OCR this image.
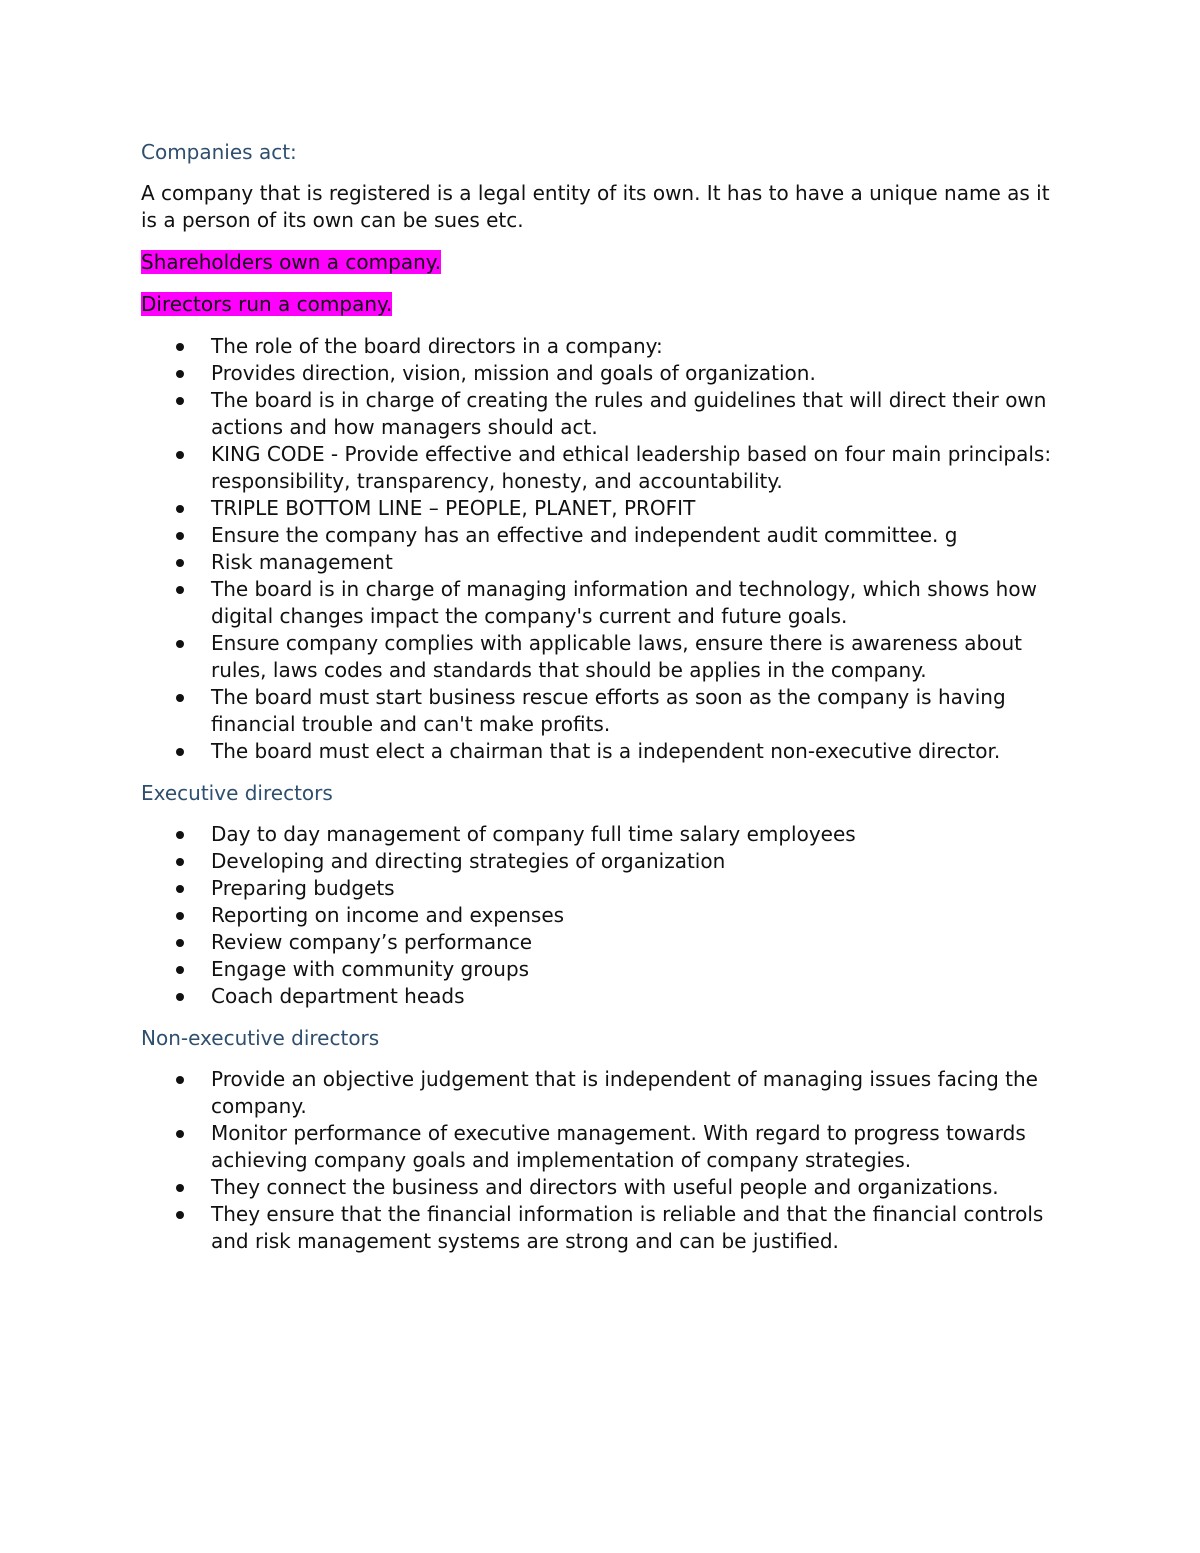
Companies act:

A company that is registered is a legal entity of its own. It has to have a unique name as it is a person of its own can be sues etc.

Shareholders own a company.

Directors run a company.

The role of the board directors in a company:
Provides direction, vision, mission and goals of organization.
The board is in charge of creating the rules and guidelines that will direct their own actions and how managers should act.
KING CODE - Provide effective and ethical leadership based on four main principals: responsibility, transparency, honesty, and accountability.
TRIPLE BOTTOM LINE – PEOPLE, PLANET, PROFIT
Ensure the company has an effective and independent audit committee. g
Risk management
The board is in charge of managing information and technology, which shows how digital changes impact the company's current and future goals.
Ensure company complies with applicable laws, ensure there is awareness about rules, laws codes and standards that should be applies in the company.
The board must start business rescue efforts as soon as the company is having financial trouble and can't make profits.
The board must elect a chairman that is a independent non-executive director.
Executive directors
Day to day management of company full time salary employees
Developing and directing strategies of organization
Preparing budgets
Reporting on income and expenses
Review company’s performance
Engage with community groups
Coach department heads
Non-executive directors
Provide an objective judgement that is independent of managing issues facing the company.
Monitor performance of executive management. With regard to progress towards achieving company goals and implementation of company strategies.
They connect the business and directors with useful people and organizations.
They ensure that the financial information is reliable and that the financial controls and risk management systems are strong and can be justified.
